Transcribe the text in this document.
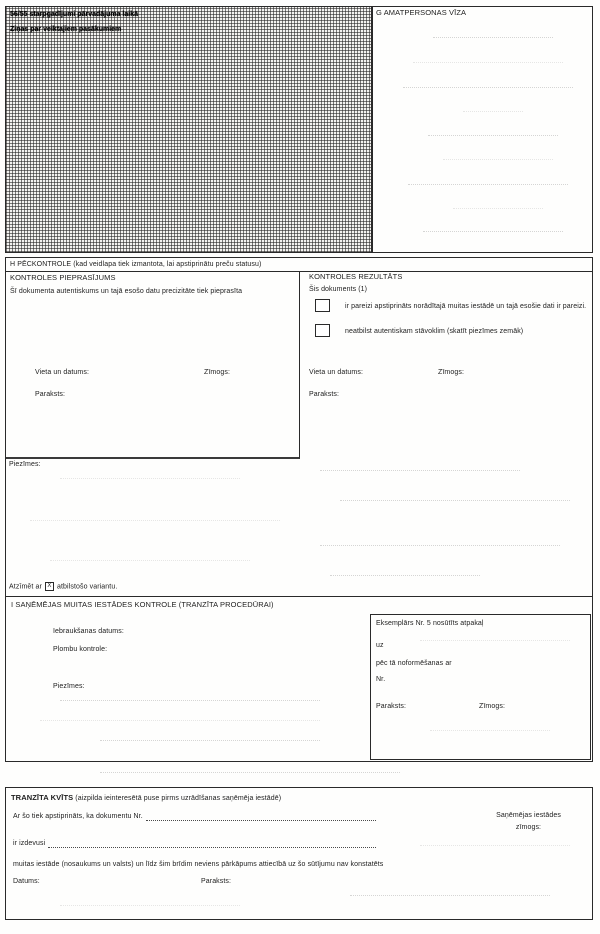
56/55 starpgadījumi pārvadājuma laikā
Ziņas par veiktajiem pasākumiem
G AMATPERSONAS VĪZA
H PĒCKONTROLE (kad veidlapa tiek izmantota, lai apstiprinātu preču statusu)
KONTROLES PIEPRASĪJUMS
Šī dokumenta autentiskums un tajā esošo datu precizitāte tiek pieprasīta
Vieta un datums:	Zīmogs:
Paraksts:
KONTROLES REZULTĀTS
Šis dokuments (1)
ir pareizi apstiprināts norādītajā muitas iestādē un tajā esošie dati ir pareizi.
neatbilst autentiskam stāvoklim (skatīt piezīmes zemāk)
Vieta un datums:	Zīmogs:
Paraksts:
Piezīmes:
Atzīmēt ar X atbilstošo variantu.
I SAŅĒMĒJAS MUITAS IESTĀDES KONTROLE (TRANZĪTA PROCEDŪRAI)
Iebraukšanas datums:
Plombu kontrole:
Piezīmes:
Eksemplārs Nr. 5 nosūtīts atpakaļ
uz
pēc tā noformēšanas ar
Nr.
Paraksts:	Zīmogs:
TRANZĪTA KVĪTS (aizpilda ieinteresētā puse pirms uzrādīšanas saņēmēja iestādē)
Ar šo tiek apstiprināts, ka dokumentu Nr.	Saņēmējas iestādes
zīmogs:
ir izdevusi
muitas iestāde (nosaukums un valsts) un līdz šim brīdim neviens pārkāpums attiecībā uz šo sūtījumu nav konstatēts
Datums:	Paraksts:
